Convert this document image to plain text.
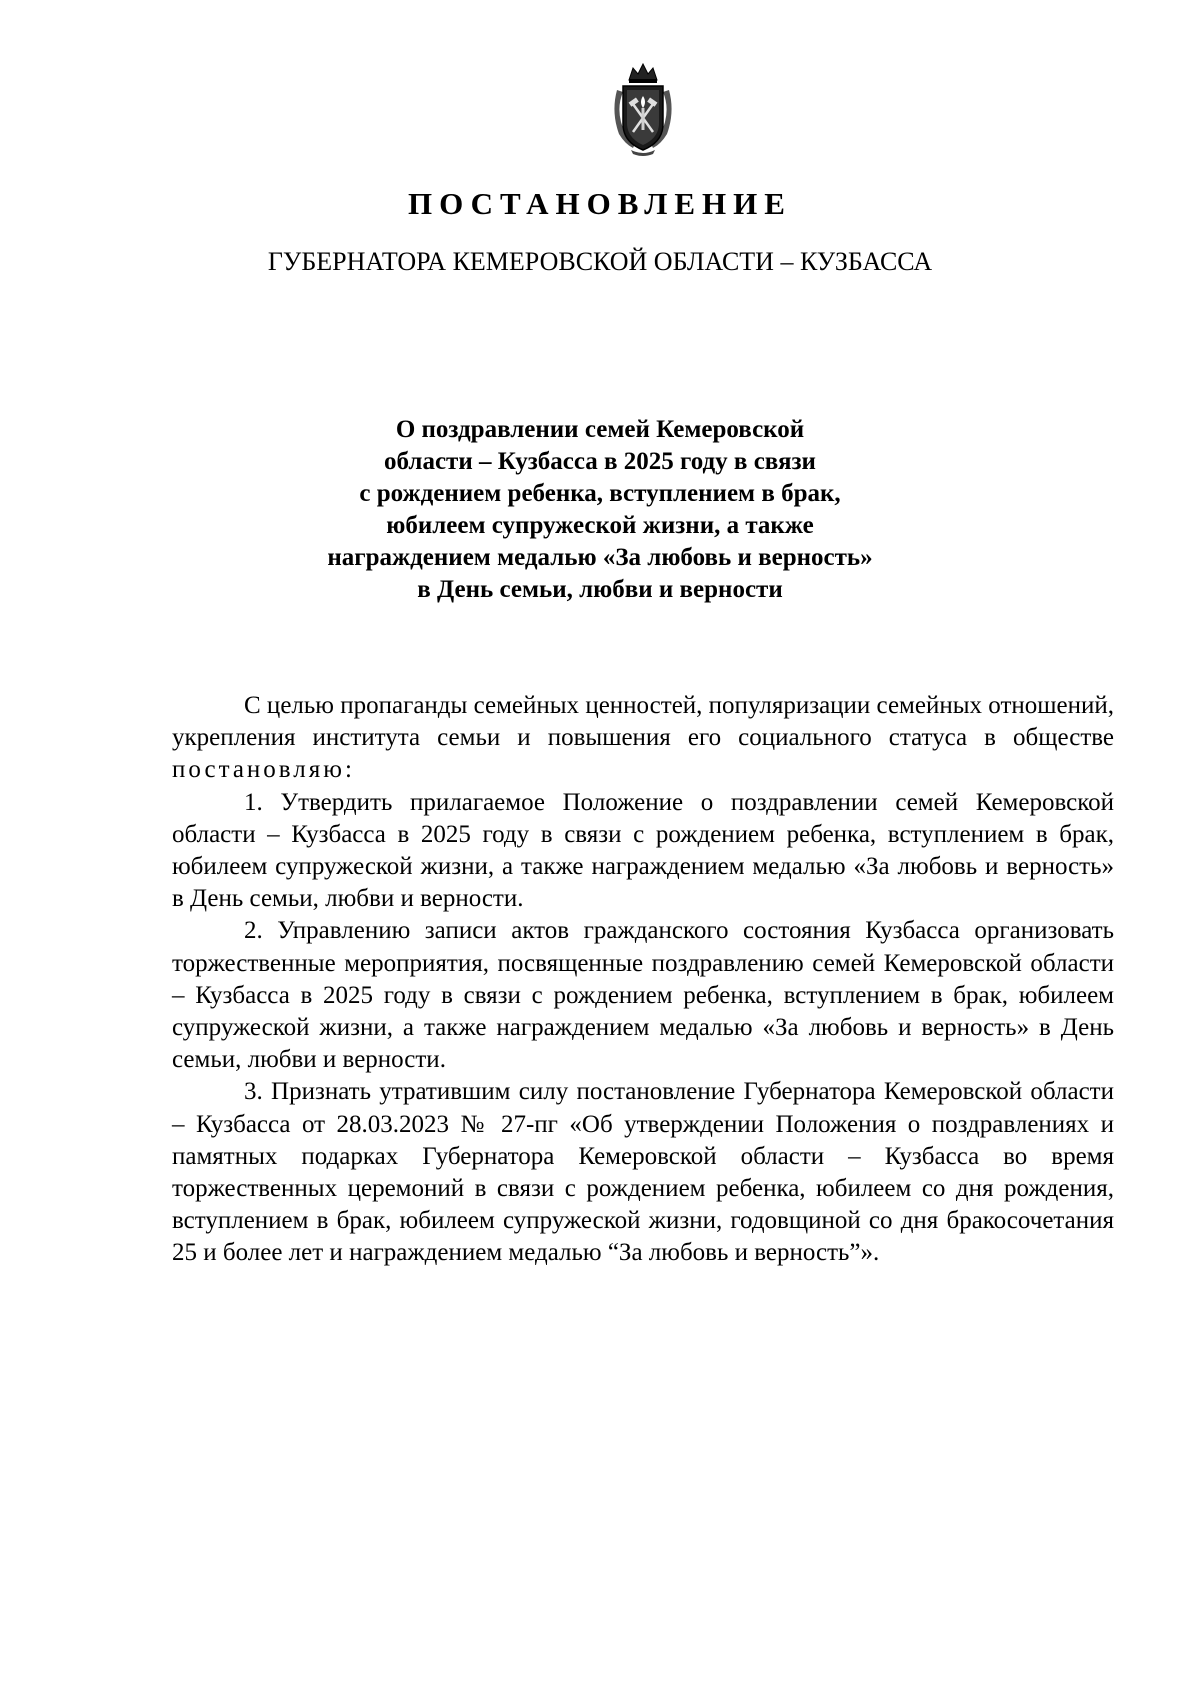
ПОСТАНОВЛЕНИЕ
ГУБЕРНАТОРА КЕМЕРОВСКОЙ ОБЛАСТИ – КУЗБАССА
О поздравлении семей Кемеровской
области – Кузбасса в 2025 году в связи
с рождением ребенка, вступлением в брак,
юбилеем супружеской жизни, а также
награждением медалью «За любовь и верность»
в День семьи, любви и верности

С целью пропаганды семейных ценностей, популяризации семейных отношений, укрепления института семьи и повышения его социального статуса в обществе постановляю:

1. Утвердить прилагаемое Положение о поздравлении семей Кемеровской области – Кузбасса в 2025 году в связи с рождением ребенка, вступлением в брак, юбилеем супружеской жизни, а также награждением медалью «За любовь и верность» в День семьи, любви и верности.

2. Управлению записи актов гражданского состояния Кузбасса организовать торжественные мероприятия, посвященные поздравлению семей Кемеровской области – Кузбасса в 2025 году в связи с рождением ребенка, вступлением в брак, юбилеем супружеской жизни, а также награждением медалью «За любовь и верность» в День семьи, любви и верности.

3. Признать утратившим силу постановление Губернатора Кемеровской области – Кузбасса от 28.03.2023 № 27-пг «Об утверждении Положения о поздравлениях и памятных подарках Губернатора Кемеровской области – Кузбасса во время торжественных церемоний в связи с рождением ребенка, юбилеем со дня рождения, вступлением в брак, юбилеем супружеской жизни, годовщиной со дня бракосочетания 25 и более лет и награждением медалью “За любовь и верность”».
